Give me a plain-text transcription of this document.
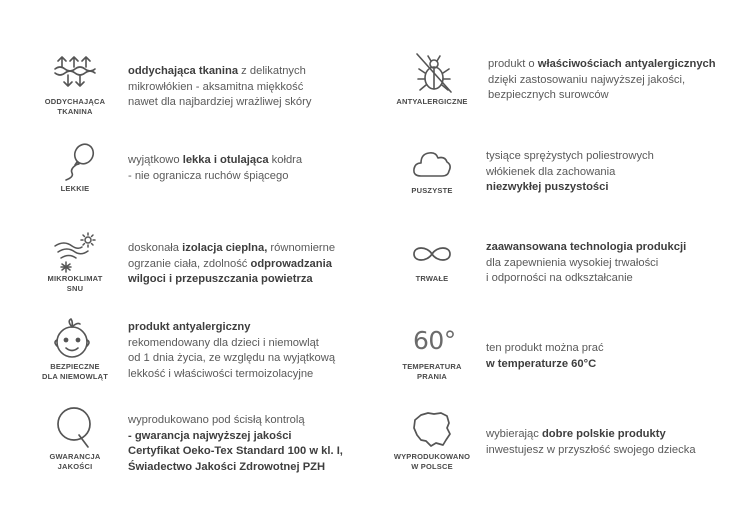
ODDYCHAJĄCA
TKANINA
oddychająca tkanina z delikatnych
mikrowłókien - aksamitna miękkość
nawet dla najbardziej wrażliwej skóry	ANTYALERGICZNE
produkt o właściwościach antyalergicznych
dzięki zastosowaniu najwyższej jakości,
bezpiecznych surowców
LEKKIE
wyjątkowo lekka i otulająca kołdra
- nie ogranicza ruchów śpiącego
PUSZYSTE
tysiące sprężystych poliestrowych
włókienek dla zachowania
niezwykłej puszystości
MIKROKLIMAT
SNU
doskonała izolacja cieplna, równomierne
ogrzanie ciała, zdolność odprowadzania
wilgoci i przepuszczania powietrza	TRWAŁE
zaawansowana technologia produkcji
dla zapewnienia wysokiej trwałości
i odporności na odkształcanie
BEZPIECZNE
DLA NIEMOWLĄT
produkt antyalergiczny
rekomendowany dla dzieci i niemowląt
od 1 dnia życia, ze względu na wyjątkową
lekkość i właściwości termoizolacyjne
60°
TEMPERATURA
PRANIA
ten produkt można prać
w temperaturze 60°C
GWARANCJA
JAKOŚCI
wyprodukowano pod ścisłą kontrolą
- gwarancja najwyższej jakości
Certyfikat Oeko-Tex Standard 100 w kl. I,
Świadectwo Jakości Zdrowotnej PZH
WYPRODUKOWANO
W POLSCE
wybierając dobre polskie produkty
inwestujesz w przyszłość swojego dziecka
